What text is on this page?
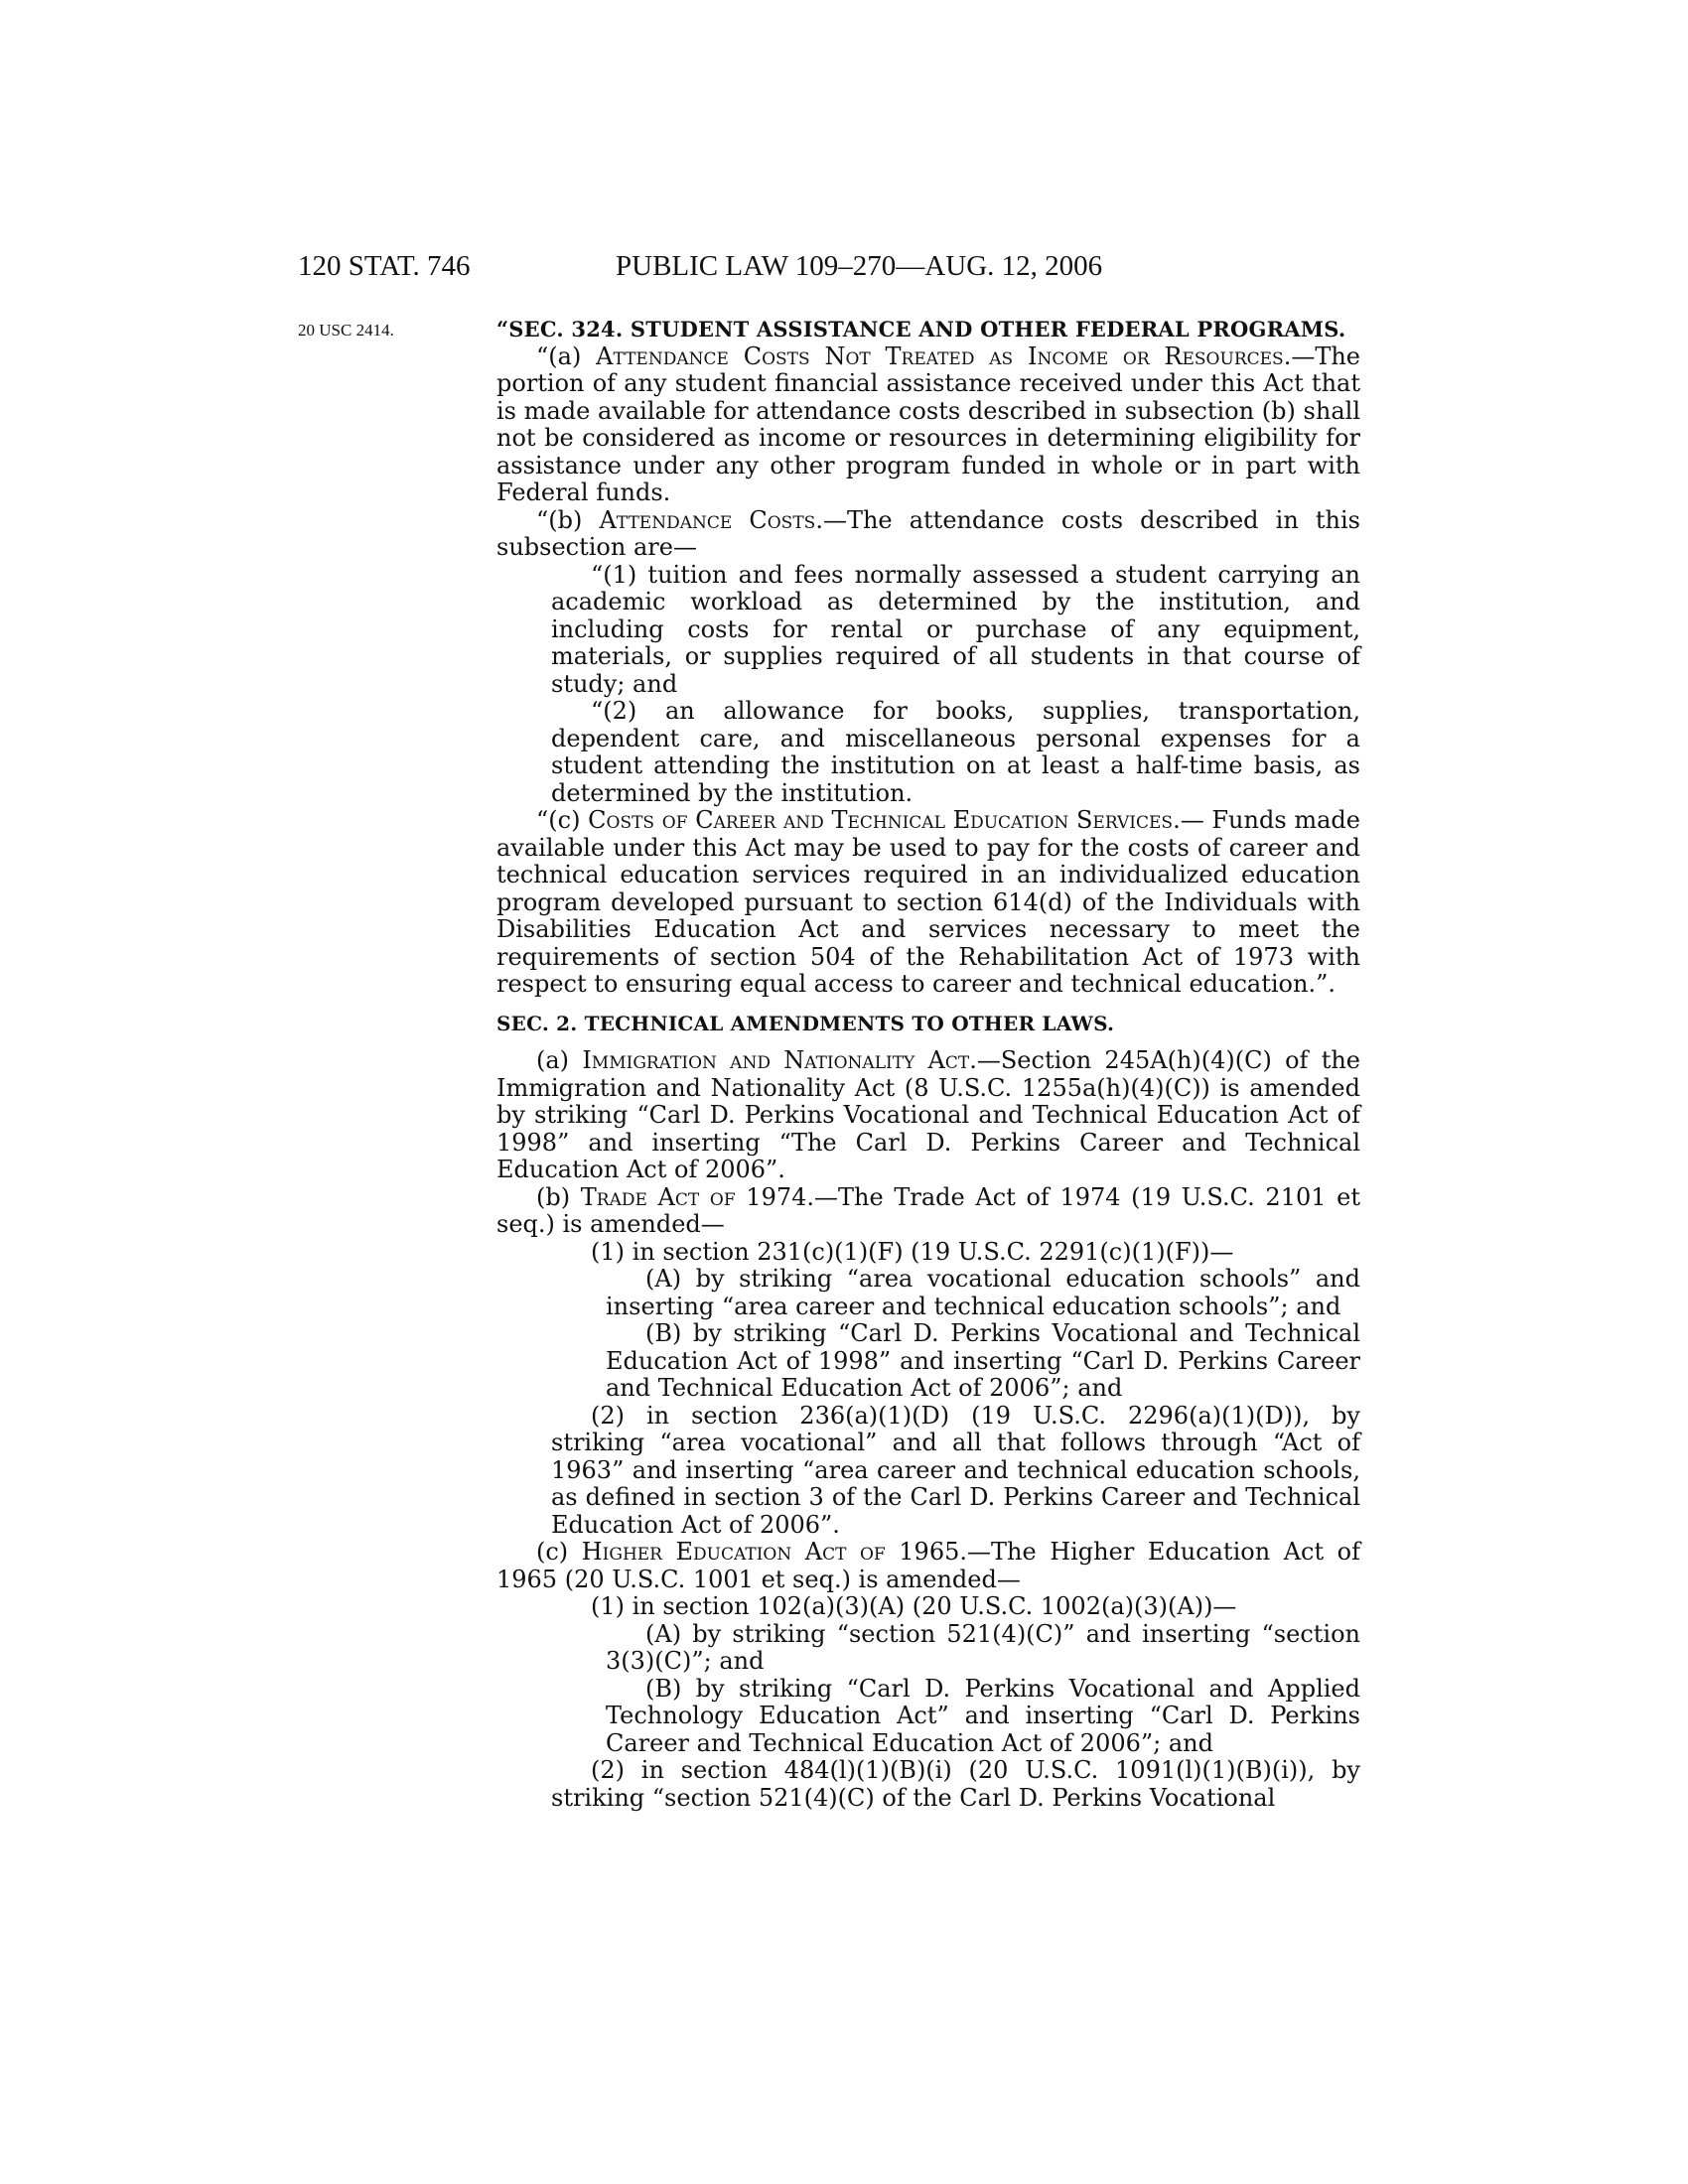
120 STAT. 746	PUBLIC LAW 109–270—AUG. 12, 2006
20 USC 2414.	“SEC. 324. STUDENT ASSISTANCE AND OTHER FEDERAL PROGRAMS.

“(a) Attendance Costs Not Treated as Income or Resources.—The portion of any student financial assistance received under this Act that is made available for attendance costs described in subsection (b) shall not be considered as income or resources in determining eligibility for assistance under any other program funded in whole or in part with Federal funds.

“(b) Attendance Costs.—The attendance costs described in this subsection are—

“(1) tuition and fees normally assessed a student carrying an academic workload as determined by the institution, and including costs for rental or purchase of any equipment, materials, or supplies required of all students in that course of study; and

“(2) an allowance for books, supplies, transportation, dependent care, and miscellaneous personal expenses for a student attending the institution on at least a half-time basis, as determined by the institution.

“(c) Costs of Career and Technical Education Services.— Funds made available under this Act may be used to pay for the costs of career and technical education services required in an individualized education program developed pursuant to section 614(d) of the Individuals with Disabilities Education Act and services necessary to meet the requirements of section 504 of the Rehabilitation Act of 1973 with respect to ensuring equal access to career and technical education.”.

SEC. 2. TECHNICAL AMENDMENTS TO OTHER LAWS.

(a) Immigration and Nationality Act.—Section 245A(h)(4)(C) of the Immigration and Nationality Act (8 U.S.C. 1255a(h)(4)(C)) is amended by striking “Carl D. Perkins Vocational and Technical Education Act of 1998” and inserting “The Carl D. Perkins Career and Technical Education Act of 2006”.

(b) Trade Act of 1974.—The Trade Act of 1974 (19 U.S.C. 2101 et seq.) is amended—

(1) in section 231(c)(1)(F) (19 U.S.C. 2291(c)(1)(F))—

(A) by striking “area vocational education schools” and inserting “area career and technical education schools”; and

(B) by striking “Carl D. Perkins Vocational and Technical Education Act of 1998” and inserting “Carl D. Perkins Career and Technical Education Act of 2006”; and

(2) in section 236(a)(1)(D) (19 U.S.C. 2296(a)(1)(D)), by striking “area vocational” and all that follows through “Act of 1963” and inserting “area career and technical education schools, as defined in section 3 of the Carl D. Perkins Career and Technical Education Act of 2006”.

(c) Higher Education Act of 1965.—The Higher Education Act of 1965 (20 U.S.C. 1001 et seq.) is amended—

(1) in section 102(a)(3)(A) (20 U.S.C. 1002(a)(3)(A))—

(A) by striking “section 521(4)(C)” and inserting “section 3(3)(C)”; and

(B) by striking “Carl D. Perkins Vocational and Applied Technology Education Act” and inserting “Carl D. Perkins Career and Technical Education Act of 2006”; and

(2) in section 484(l)(1)(B)(i) (20 U.S.C. 1091(l)(1)(B)(i)), by striking “section 521(4)(C) of the Carl D. Perkins Vocational
